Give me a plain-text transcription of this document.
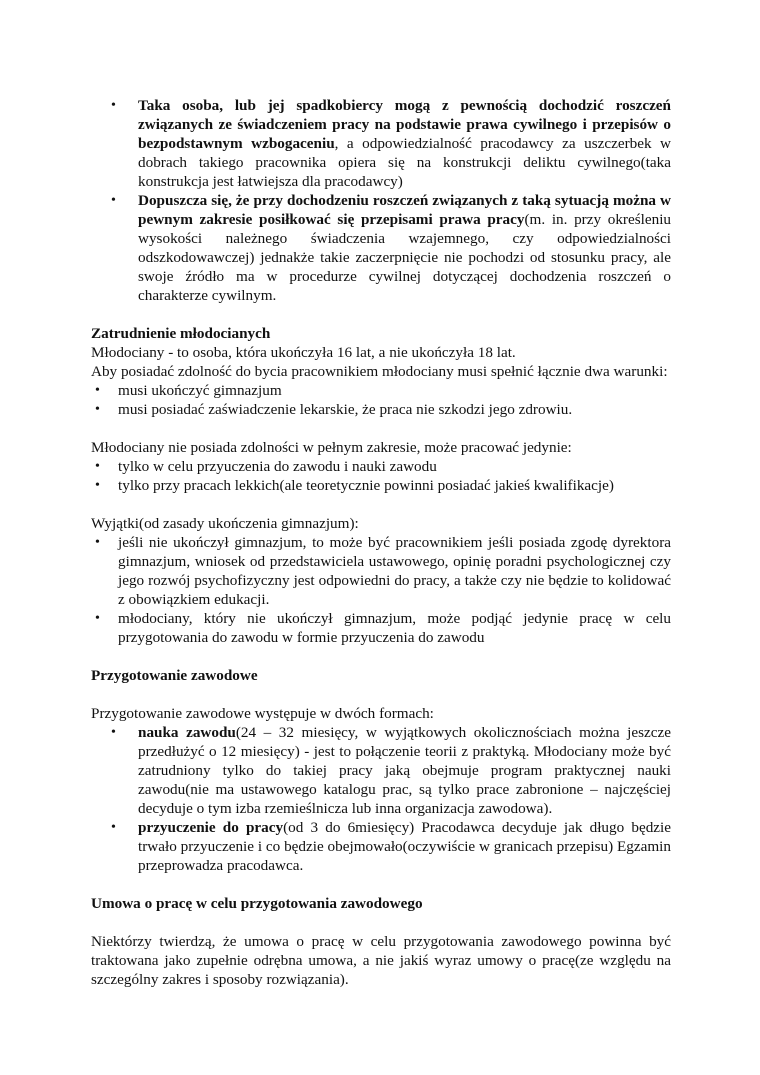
• Taka osoba, lub jej spadkobiercy mogą z pewnością dochodzić roszczeń związanych ze świadczeniem pracy na podstawie prawa cywilnego i przepisów o bezpodstawnym wzbogaceniu, a odpowiedzialność pracodawcy za uszczerbek w dobrach takiego pracownika opiera się na konstrukcji deliktu cywilnego(taka konstrukcja jest łatwiejsza dla pracodawcy)
• Dopuszcza się, że przy dochodzeniu roszczeń związanych z taką sytuacją można w pewnym zakresie posiłkować się przepisami prawa pracy(m. in. przy określeniu wysokości należnego świadczenia wzajemnego, czy odpowiedzialności odszkodowawczej) jednakże takie zaczerpnięcie nie pochodzi od stosunku pracy, ale swoje źródło ma w procedurze cywilnej dotyczącej dochodzenia roszczeń o charakterze cywilnym.
Zatrudnienie młodocianych

Młodociany - to osoba, która ukończyła 16 lat, a nie ukończyła 18 lat.

Aby posiadać zdolność do bycia pracownikiem młodociany musi spełnić łącznie dwa warunki:

• musi ukończyć gimnazjum
• musi posiadać zaświadczenie lekarskie, że praca nie szkodzi jego zdrowiu.

Młodociany nie posiada zdolności w pełnym zakresie, może pracować jedynie:

• tylko w celu przyuczenia do zawodu i nauki zawodu
• tylko przy pracach lekkich(ale teoretycznie powinni posiadać jakieś kwalifikacje)

Wyjątki(od zasady ukończenia gimnazjum):

• jeśli nie ukończył gimnazjum, to może być pracownikiem jeśli posiada zgodę dyrektora gimnazjum, wniosek od przedstawiciela ustawowego, opinię poradni psychologicznej czy jego rozwój psychofizyczny jest odpowiedni do pracy, a także czy nie będzie to kolidować z obowiązkiem edukacji.
• młodociany, który nie ukończył gimnazjum, może podjąć jedynie pracę w celu przygotowania do zawodu w formie przyuczenia do zawodu
Przygotowanie zawodowe

Przygotowanie zawodowe występuje w dwóch formach:

• nauka zawodu(24 – 32 miesięcy, w wyjątkowych okolicznościach można jeszcze przedłużyć o 12 miesięcy) - jest to połączenie teorii z praktyką. Młodociany może być zatrudniony tylko do takiej pracy jaką obejmuje program praktycznej nauki zawodu(nie ma ustawowego katalogu prac, są tylko prace zabronione – najczęściej decyduje o tym izba rzemieślnicza lub inna organizacja zawodowa).
• przyuczenie do pracy(od 3 do 6miesięcy) Pracodawca decyduje jak długo będzie trwało przyuczenie i co będzie obejmowało(oczywiście w granicach przepisu) Egzamin przeprowadza pracodawca.
Umowa o pracę w celu przygotowania zawodowego

Niektórzy twierdzą, że umowa o pracę w celu przygotowania zawodowego powinna być traktowana jako zupełnie odrębna umowa, a nie jakiś wyraz umowy o pracę(ze względu na szczególny zakres i sposoby rozwiązania).
